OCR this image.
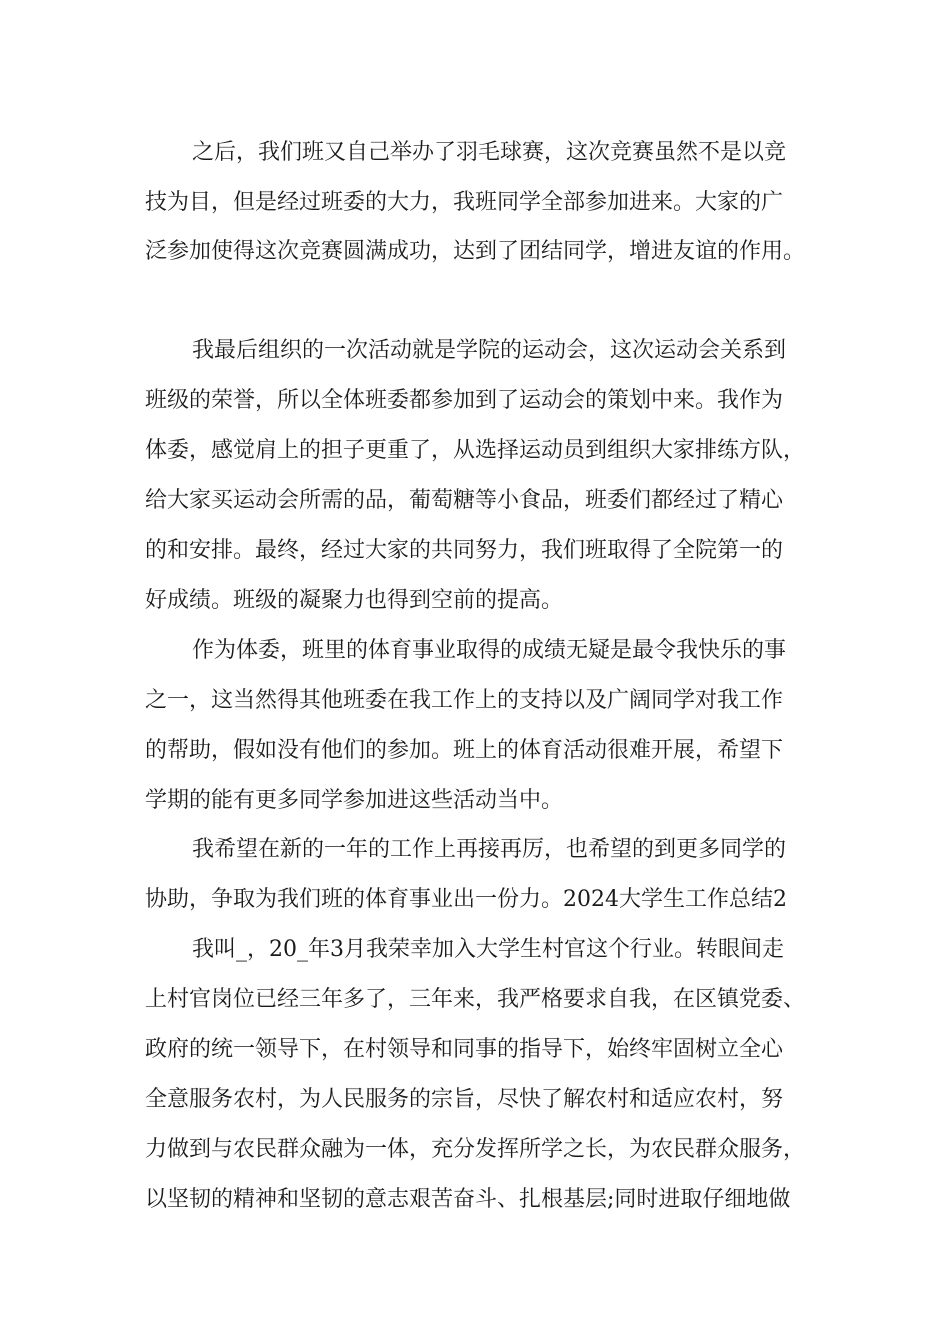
之后，我们班又自己举办了羽毛球赛，这次竞赛虽然不是以竞
技为目，但是经过班委的大力，我班同学全部参加进来。大家的广
泛参加使得这次竞赛圆满成功，达到了团结同学，增进友谊的作用。
我最后组织的一次活动就是学院的运动会，这次运动会关系到
班级的荣誉，所以全体班委都参加到了运动会的策划中来。我作为
体委，感觉肩上的担子更重了，从选择运动员到组织大家排练方队，
给大家买运动会所需的品，葡萄糖等小食品，班委们都经过了精心
的和安排。最终，经过大家的共同努力，我们班取得了全院第一的
好成绩。班级的凝聚力也得到空前的提高。
作为体委，班里的体育事业取得的成绩无疑是最令我快乐的事
之一，这当然得其他班委在我工作上的支持以及广阔同学对我工作
的帮助，假如没有他们的参加。班上的体育活动很难开展，希望下
学期的能有更多同学参加进这些活动当中。
我希望在新的一年的工作上再接再厉，也希望的到更多同学的
协助，争取为我们班的体育事业出一份力。2024大学生工作总结2
我叫_，20_年3月我荣幸加入大学生村官这个行业。转眼间走
上村官岗位已经三年多了，三年来，我严格要求自我，在区镇党委、
政府的统一领导下，在村领导和同事的指导下，始终牢固树立全心
全意服务农村，为人民服务的宗旨，尽快了解农村和适应农村，努
力做到与农民群众融为一体，充分发挥所学之长，为农民群众服务，
以坚韧的精神和坚韧的意志艰苦奋斗、扎根基层;同时进取仔细地做
